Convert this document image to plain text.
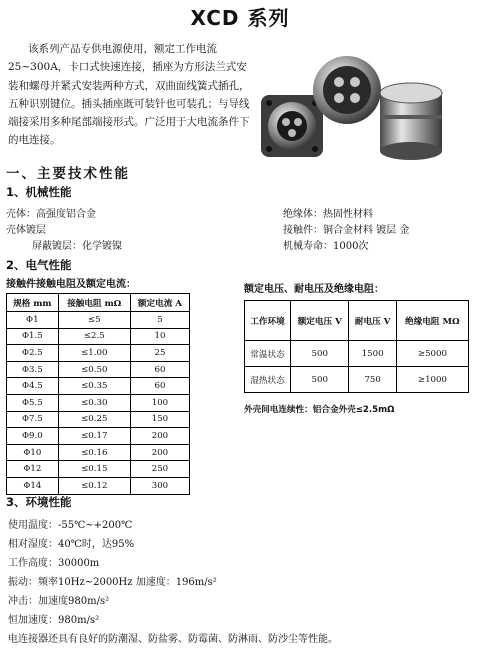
XCD 系列
该系列产品专供电源使用，额定工作电流25~300A，卡口式快速连接，插座为方形法兰式安装和螺母并紧式安装两种方式，双曲面线簧式插孔，五种识别键位。插头插座既可装针也可装孔；与导线端接采用多种尾部端接形式。广泛用于大电流条件下的电连接。
一、主要技术性能
1、机械性能
壳体：高强度铝合金
壳体镀层
屏蔽镀层：化学镀镍
绝缘体：热固性材料
接触件：铜合金材料 镀层 金
机械寿命：1000次
2、电气性能
接触件接触电阻及额定电流：	额定电压、耐电压及绝缘电阻：
规格 mm	接触电阻 mΩ	额定电流 A
Φ1	≤5	5
Φ1.5	≤2.5	10
Φ2.5	≤1.00	25
Φ3.5	≤0.50	60
Φ4.5	≤0.35	60
Φ5.5	≤0.30	100
Φ7.5	≤0.25	150
Φ9.0	≤0.17	200
Φ10	≤0.16	200
Φ12	≤0.15	250
Φ14	≤0.12	300
工作环境	额定电压 V	耐电压 V	绝缘电阻 MΩ
常温状态	500	1500	≥5000
湿热状态	500	750	≥1000
外壳间电连续性：铝合金外壳≤2.5mΩ
3、环境性能
使用温度：-55℃~+200℃
相对湿度：40℃时，达95%
工作高度：30000m
振动：频率10Hz~2000Hz 加速度：196m/s²
冲击：加速度980m/s²
恒加速度：980m/s²
电连接器还具有良好的防潮湿、防盐雾、防霉菌、防淋雨、防沙尘等性能。
